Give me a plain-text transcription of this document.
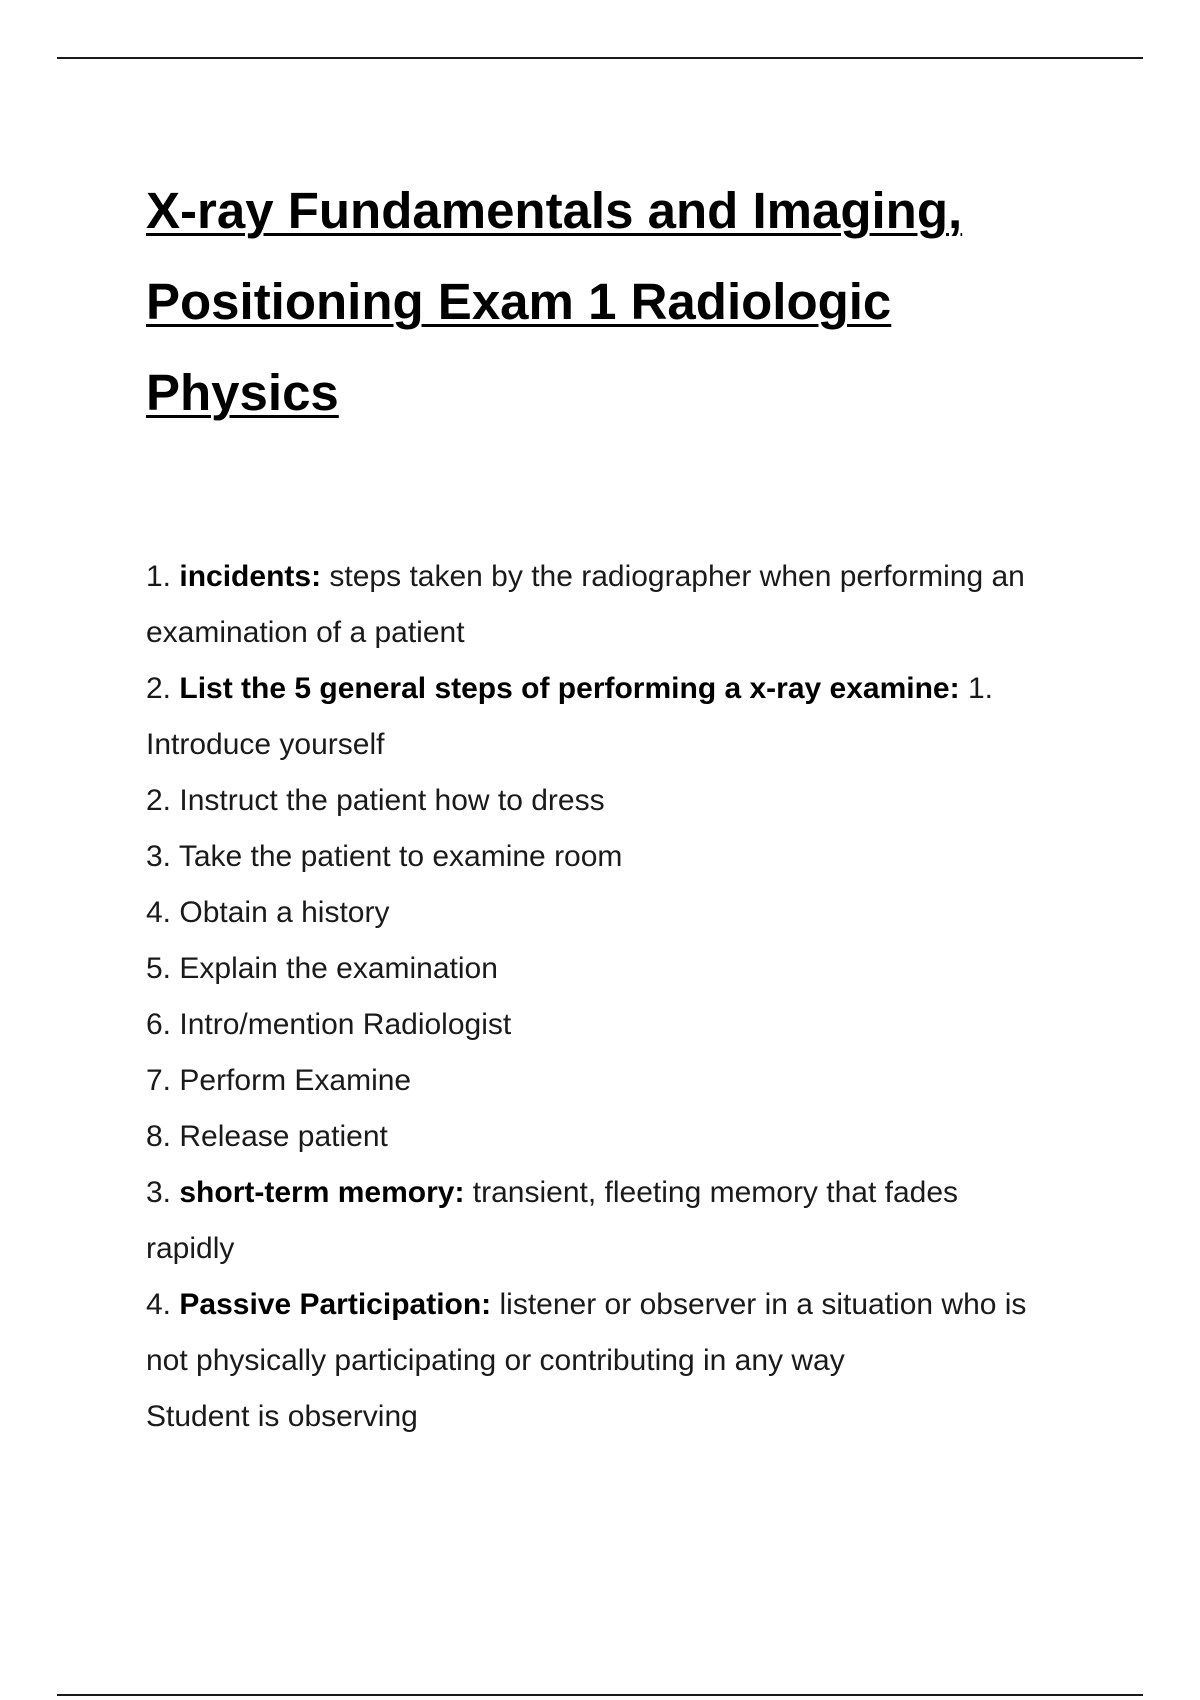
X-ray Fundamentals and Imaging,
Positioning Exam 1 Radiologic
Physics
1. incidents: steps taken by the radiographer when performing an
examination of a patient
2. List the 5 general steps of performing a x-ray examine: 1.
Introduce yourself
2. Instruct the patient how to dress
3. Take the patient to examine room
4. Obtain a history
5. Explain the examination
6. Intro/mention Radiologist
7. Perform Examine
8. Release patient
3. short-term memory: transient, fleeting memory that fades
rapidly
4. Passive Participation: listener or observer in a situation who is
not physically participating or contributing in any way
Student is observing
